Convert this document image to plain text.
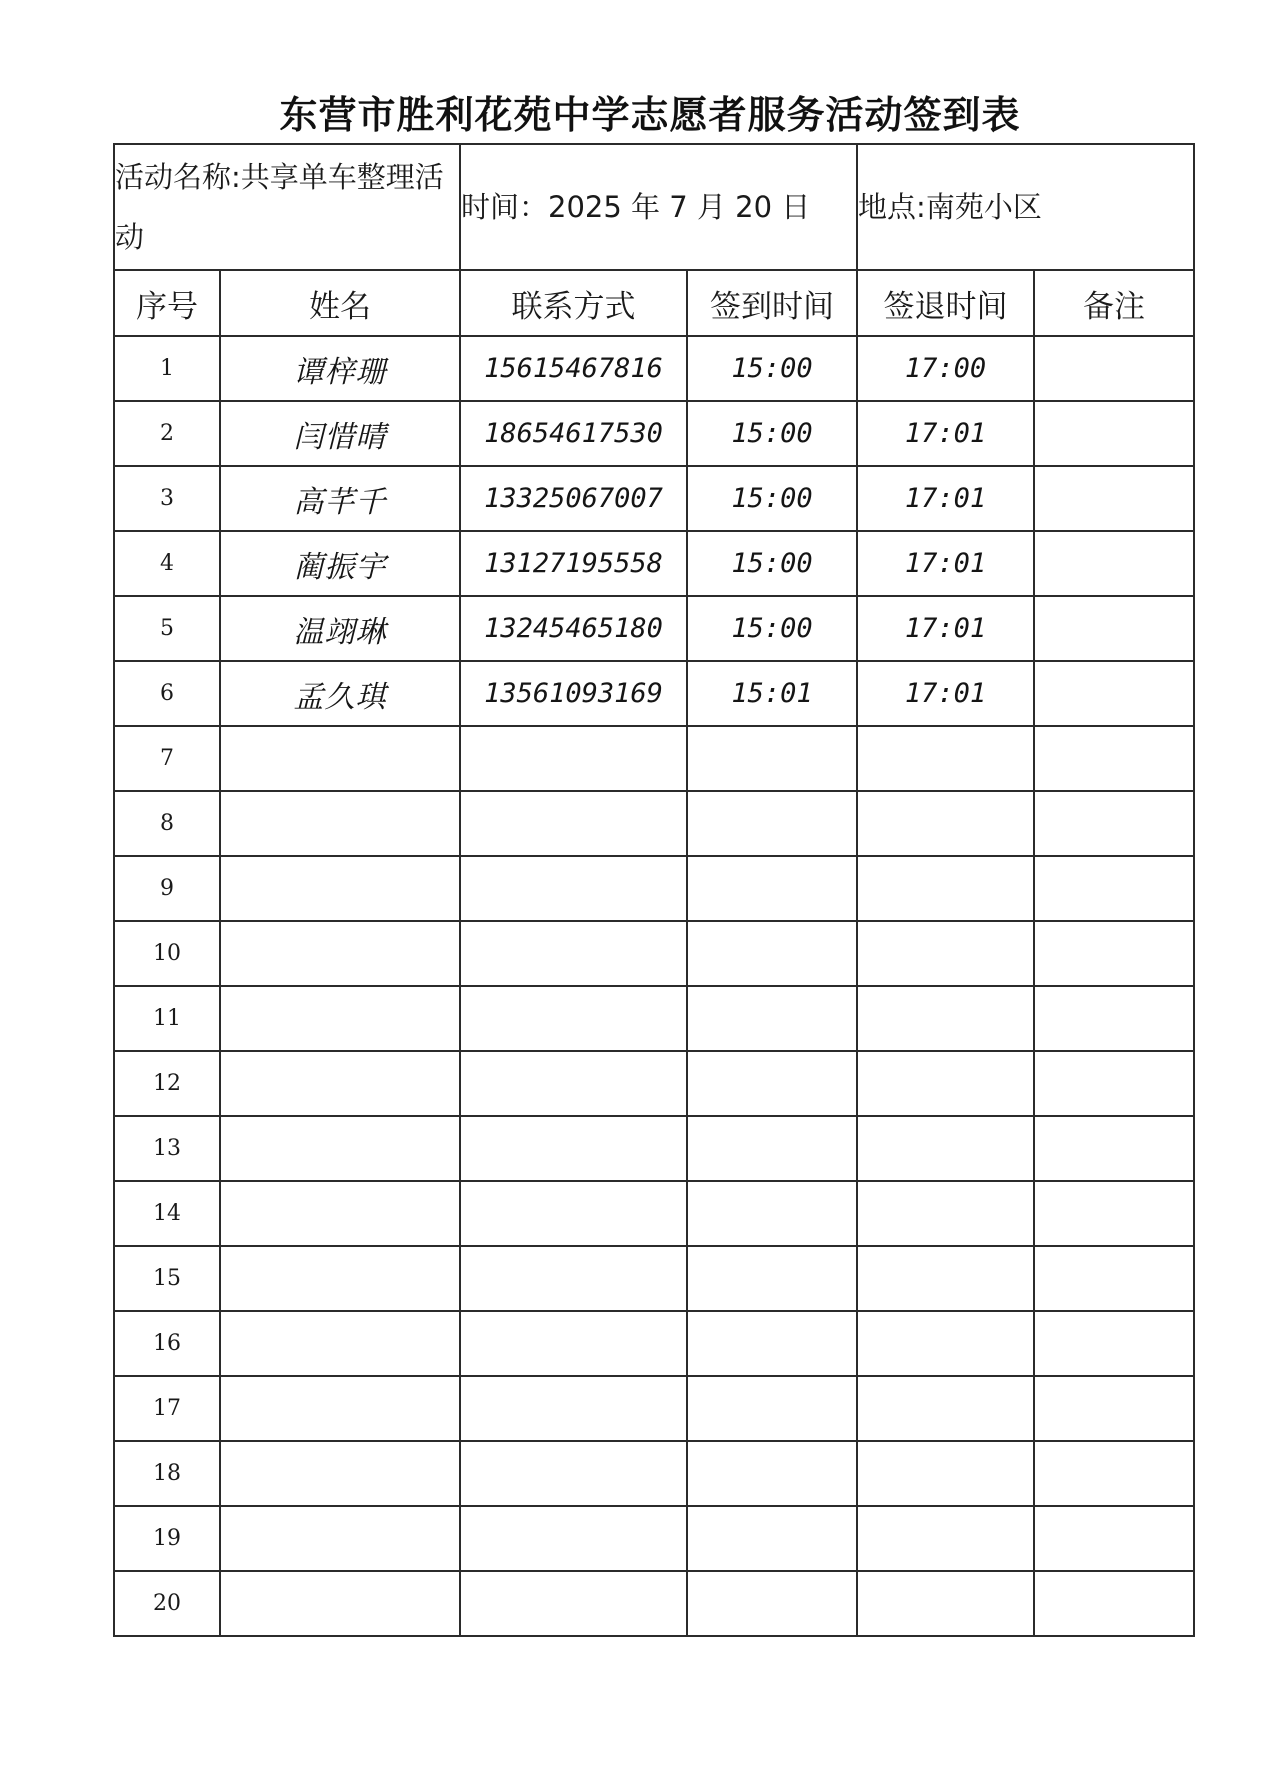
东营市胜利花苑中学志愿者服务活动签到表
活动名称:共享单车整理活动		时间：2025 年 7 月 20 日		地点:南苑小区	
序号	姓名	联系方式	签到时间	签退时间	备注
1	谭梓珊	15615467816	15:00	17:00	
2	闫惜晴	18654617530	15:00	17:01	
3	高芊千	13325067007	15:00	17:01	
4	蔺振宇	13127195558	15:00	17:01	
5	温翊琳	13245465180	15:00	17:01	
6	孟久琪	13561093169	15:01	17:01	
7					
8					
9					
10					
11					
12					
13					
14					
15					
16					
17					
18					
19					
20					
